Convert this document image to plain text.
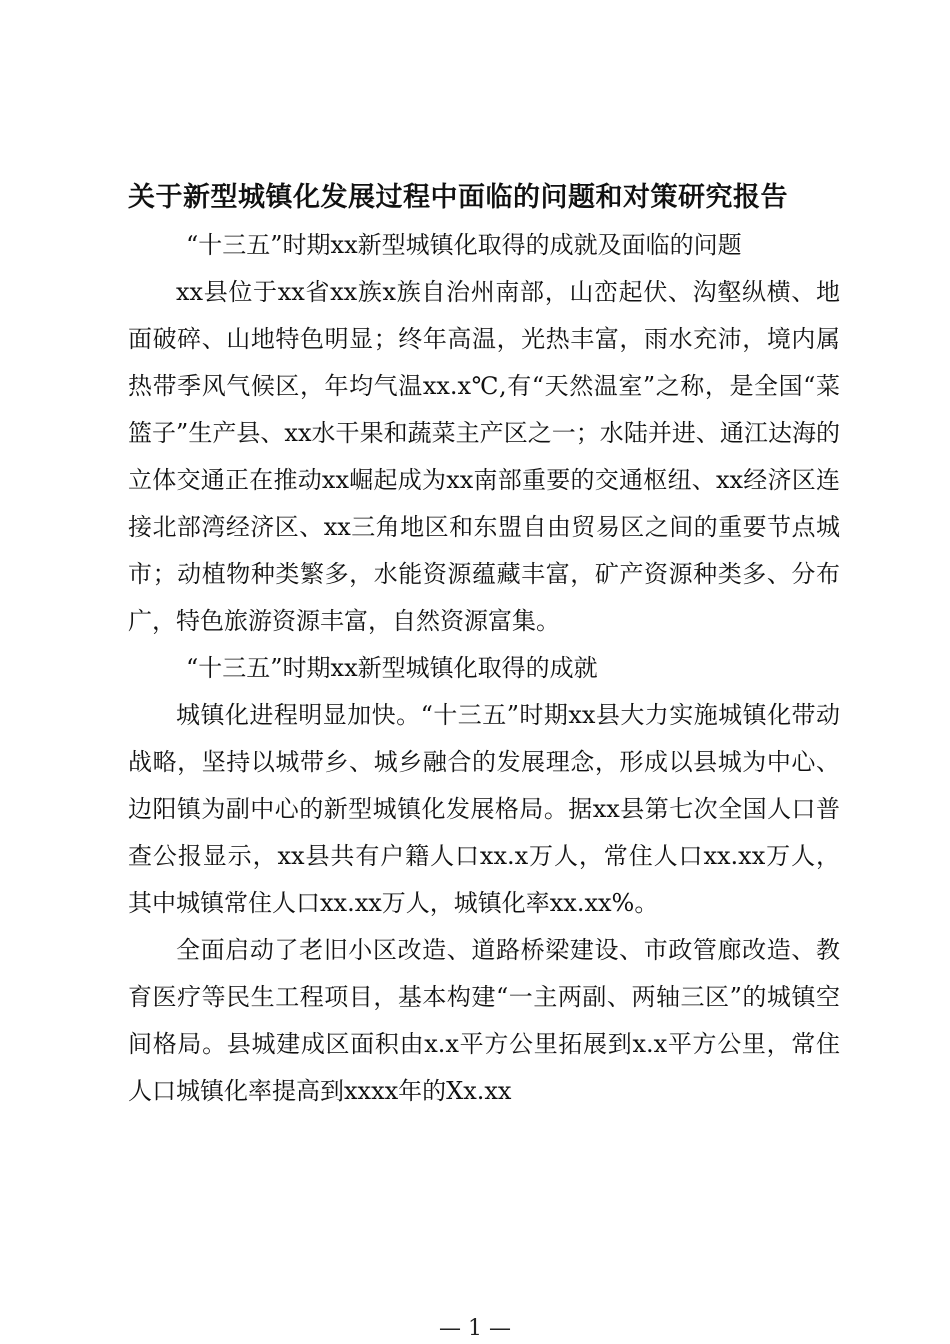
关于新型城镇化发展过程中面临的问题和对策研究报告

“十三五”时期xx新型城镇化取得的成就及面临的问题

xx县位于xx省xx族x族自治州南部，山峦起伏、沟壑纵横、地面破碎、山地特色明显；终年高温，光热丰富，雨水充沛，境内属热带季风气候区，年均气温xx.x℃,有“天然温室”之称，是全国“菜篮子”生产县、xx水干果和蔬菜主产区之一；水陆并进、通江达海的立体交通正在推动xx崛起成为xx南部重要的交通枢纽、xx经济区连接北部湾经济区、xx三角地区和东盟自由贸易区之间的重要节点城市；动植物种类繁多，水能资源蕴藏丰富，矿产资源种类多、分布广，特色旅游资源丰富，自然资源富集。

“十三五”时期xx新型城镇化取得的成就

城镇化进程明显加快。“十三五”时期xx县大力实施城镇化带动战略，坚持以城带乡、城乡融合的发展理念，形成以县城为中心、边阳镇为副中心的新型城镇化发展格局。据xx县第七次全国人口普查公报显示，xx县共有户籍人口xx.x万人，常住人口xx.xx万人，其中城镇常住人口xx.xx万人，城镇化率xx.xx%。

全面启动了老旧小区改造、道路桥梁建设、市政管廊改造、教育医疗等民生工程项目，基本构建“一主两副、两轴三区”的城镇空间格局。县城建成区面积由x.x平方公里拓展到x.x平方公里，常住人口城镇化率提高到xxxx年的Xx.xx

— 1 —
